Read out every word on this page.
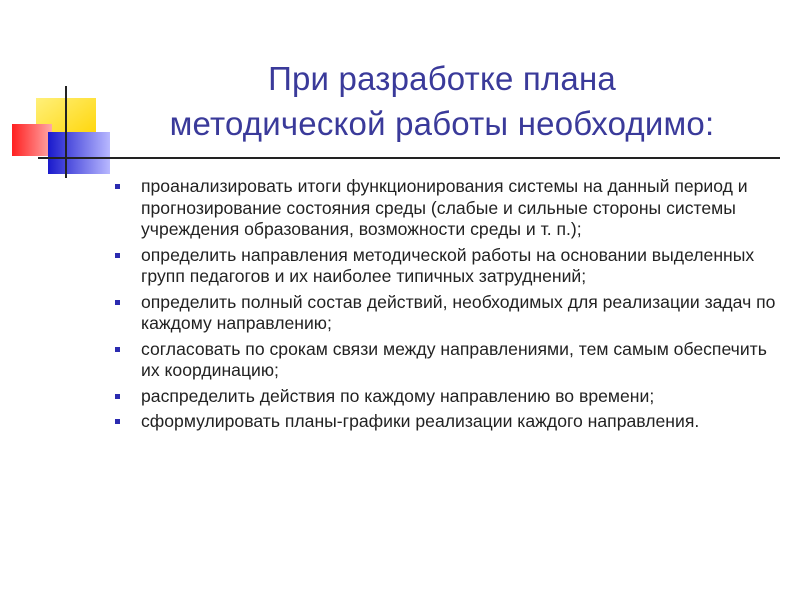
При разработке плана
методической работы необходимо:
проанализировать итоги функционирования системы на данный период и прогнозирование состояния среды (слабые и сильные стороны системы учреждения образования, возможности среды и т. п.);
определить направления методической работы на основании выделенных групп педагогов и их наиболее типичных затруднений;
определить полный состав действий, необходимых для реализации задач по каждому направлению;
согласовать по срокам связи между направлениями, тем самым обеспечить их координацию;
распределить действия по каждому направлению во времени;
сформулировать планы-графики реализации каждого направления.
